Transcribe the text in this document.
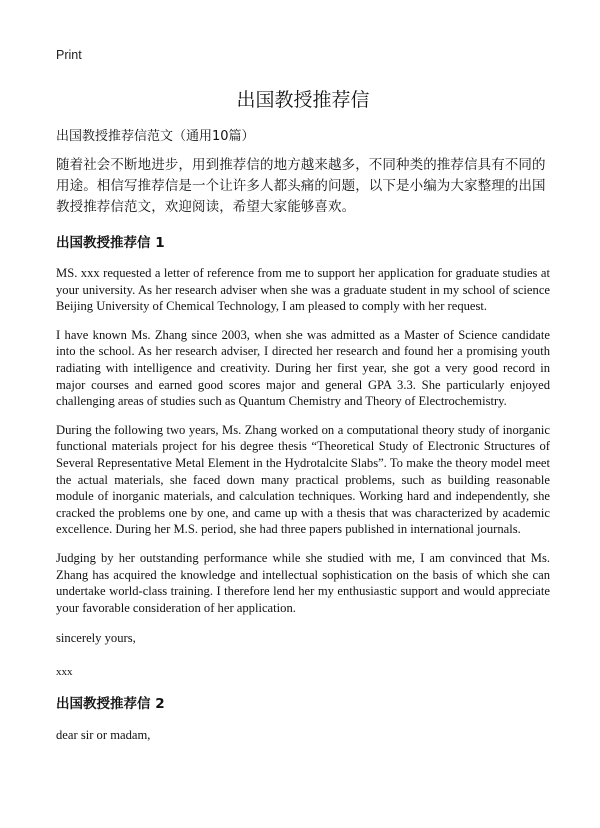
Print
出国教授推荐信
出国教授推荐信范文（通用10篇）
随着社会不断地进步，用到推荐信的地方越来越多，不同种类的推荐信具有不同的用途。相信写推荐信是一个让许多人都头痛的问题，以下是小编为大家整理的出国教授推荐信范文，欢迎阅读，希望大家能够喜欢。
出国教授推荐信 1
MS. xxx requested a letter of reference from me to support her application for graduate studies at your university. As her research adviser when she was a graduate student in my school of science Beijing University of Chemical Technology, I am pleased to comply with her request.
I have known Ms. Zhang since 2003, when she was admitted as a Master of Science candidate into the school. As her research adviser, I directed her research and found her a promising youth radiating with intelligence and creativity. During her first year, she got a very good record in major courses and earned good scores major and general GPA 3.3. She particularly enjoyed challenging areas of studies such as Quantum Chemistry and Theory of Electrochemistry.
During the following two years, Ms. Zhang worked on a computational theory study of inorganic functional materials project for his degree thesis “Theoretical Study of Electronic Structures of Several Representative Metal Element in the Hydrotalcite Slabs”. To make the theory model meet the actual materials, she faced down many practical problems, such as building reasonable module of inorganic materials, and calculation techniques. Working hard and independently, she cracked the problems one by one, and came up with a thesis that was characterized by academic excellence. During her M.S. period, she had three papers published in international journals.
Judging by her outstanding performance while she studied with me, I am convinced that Ms. Zhang has acquired the knowledge and intellectual sophistication on the basis of which she can undertake world-class training. I therefore lend her my enthusiastic support and would appreciate your favorable consideration of her application.
sincerely yours,
xxx
出国教授推荐信 2
dear sir or madam,
